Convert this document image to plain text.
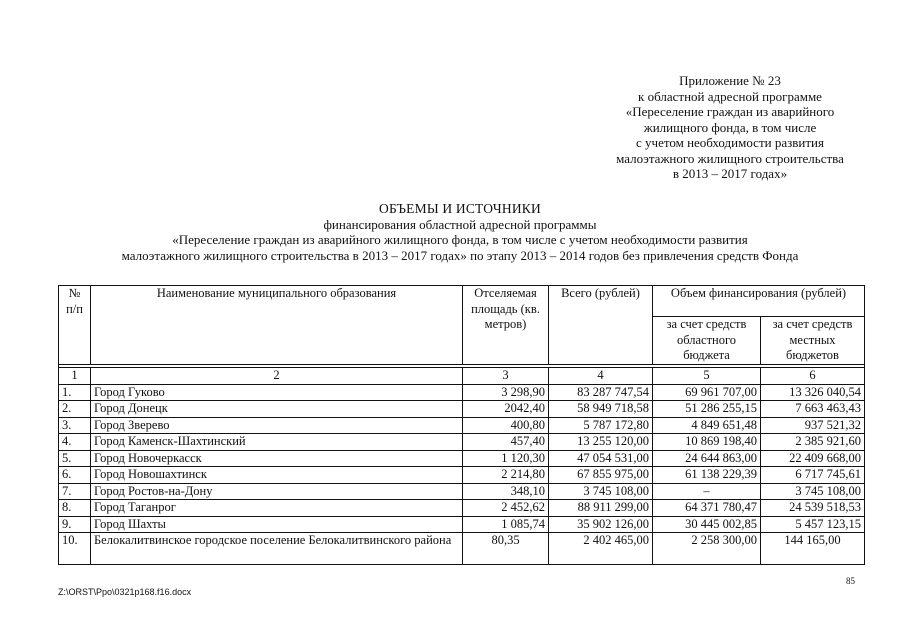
Приложение № 23
к областной адресной программе
«Переселение граждан из аварийного
жилищного фонда, в том числе
с учетом необходимости развития
малоэтажного жилищного строительства
в 2013 – 2017 годах»
ОБЪЕМЫ И ИСТОЧНИКИ
финансирования областной адресной программы
«Переселение граждан из аварийного жилищного фонда, в том числе с учетом необходимости развития
малоэтажного жилищного строительства в 2013 – 2017 годах» по этапу 2013 – 2014 годов без привлечения средств Фонда
№ п/п	Наименование муниципального образования	Отселяемая площадь (кв. метров)	Всего (рублей)	Объем финансирования (рублей)	
				за счет средств областного бюджета	за счет средств местных бюджетов

1	2	3	4	5	6
1.	Город Гуково	3 298,90	83 287 747,54	69 961 707,00	13 326 040,54
2.	Город Донецк	2042,40	58 949 718,58	51 286 255,15	7 663 463,43
3.	Город Зверево	400,80	5 787 172,80	4 849 651,48	937 521,32
4.	Город Каменск-Шахтинский	457,40	13 255 120,00	10 869 198,40	2 385 921,60
5.	Город Новочеркасск	1 120,30	47 054 531,00	24 644 863,00	22 409 668,00
6.	Город Новошахтинск	2 214,80	67 855 975,00	61 138 229,39	6 717 745,61
7.	Город Ростов-на-Дону	348,10	3 745 108,00	–	3 745 108,00
8.	Город Таганрог	2 452,62	88 911 299,00	64 371 780,47	24 539 518,53
9.	Город Шахты	1 085,74	35 902 126,00	30 445 002,85	5 457 123,15
10.	Белокалитвинское городское поселение Белокалитвинского района	80,35	2 402 465,00	2 258 300,00	144 165,00
85
Z:\ORST\Ppo\0321p168.f16.docx
